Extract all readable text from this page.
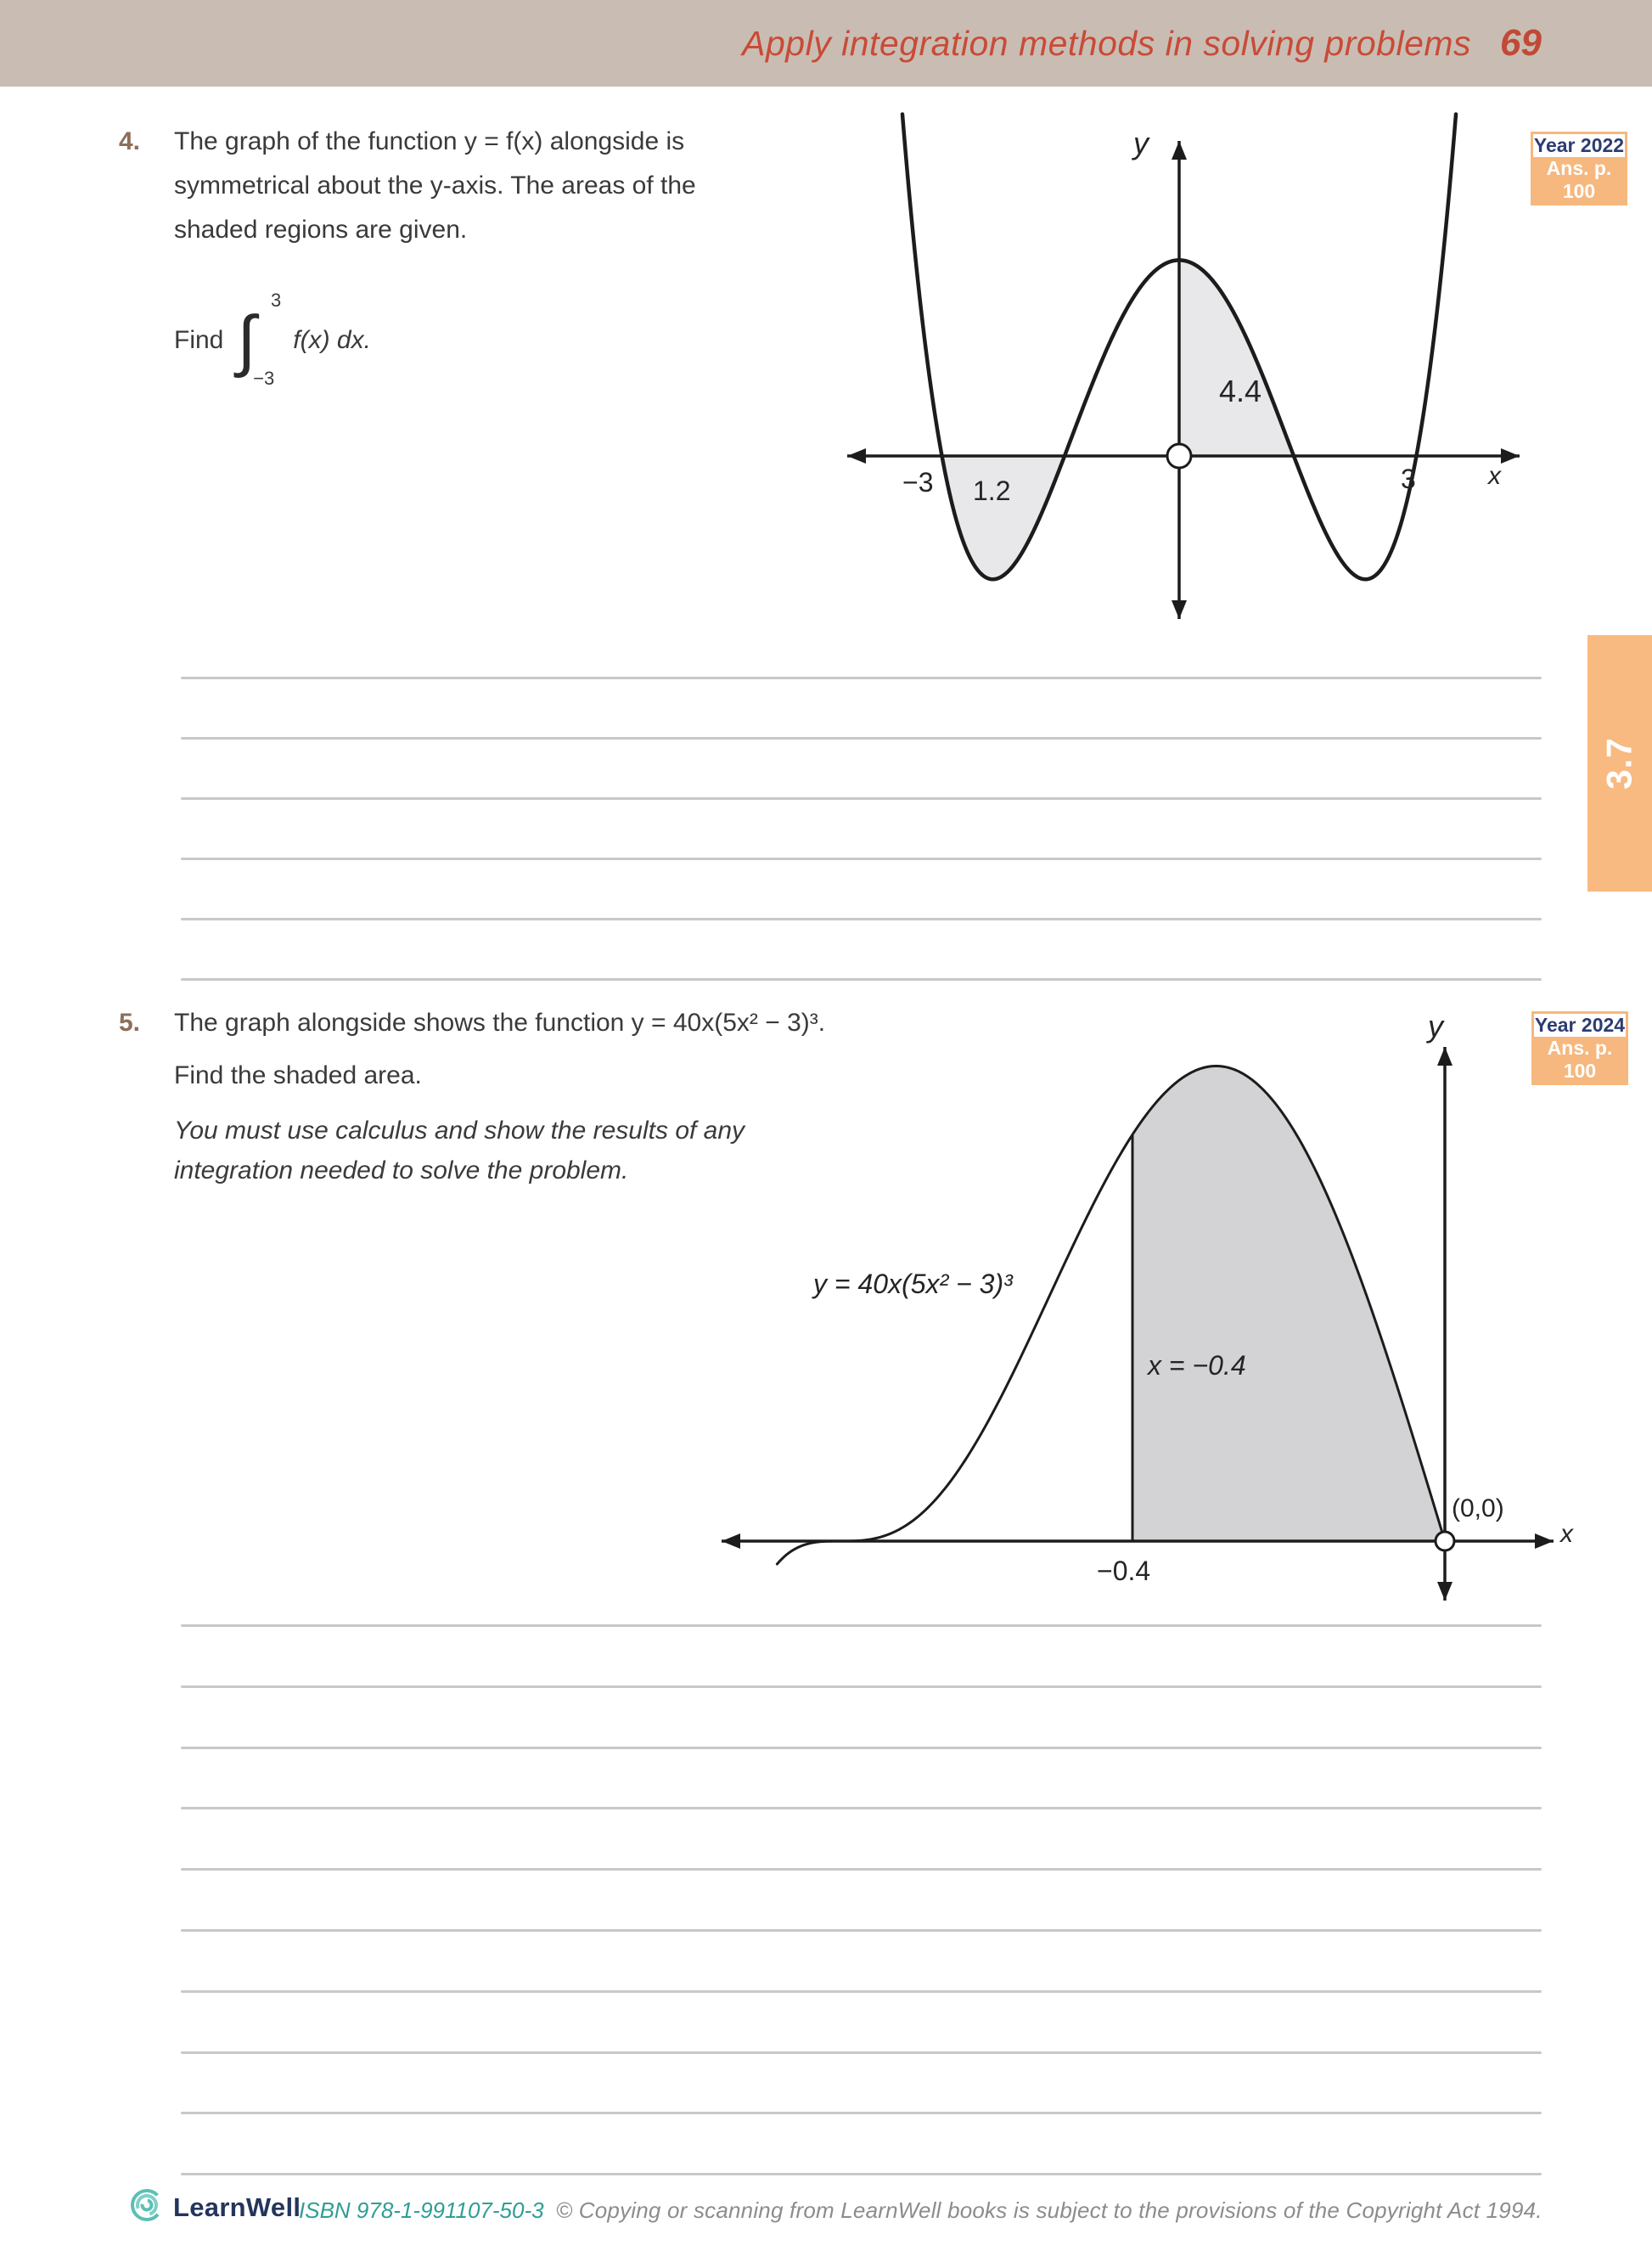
Apply integration methods in solving problems 69
3.7
4. The graph of the function y = f(x) alongside is
symmetrical about the y-axis. The areas of the
shaded regions are given.
Find ∫
3
−3
f(x) dx.
Year 2022
Ans. p. 100
y
x
−3	3
1.2
4.4
5. The graph alongside shows the function y = 40x(5x² − 3)³.
Find the shaded area.
You must use calculus and show the results of any
integration needed to solve the problem.
Year 2024
Ans. p. 100
y
x
y = 40x(5x² − 3)³
x = −0.4
(0,0)
−0.4
LearnWell
ISBN 978-1-991107-50-3 © Copying or scanning from LearnWell books is subject to the provisions of the Copyright Act 1994.
